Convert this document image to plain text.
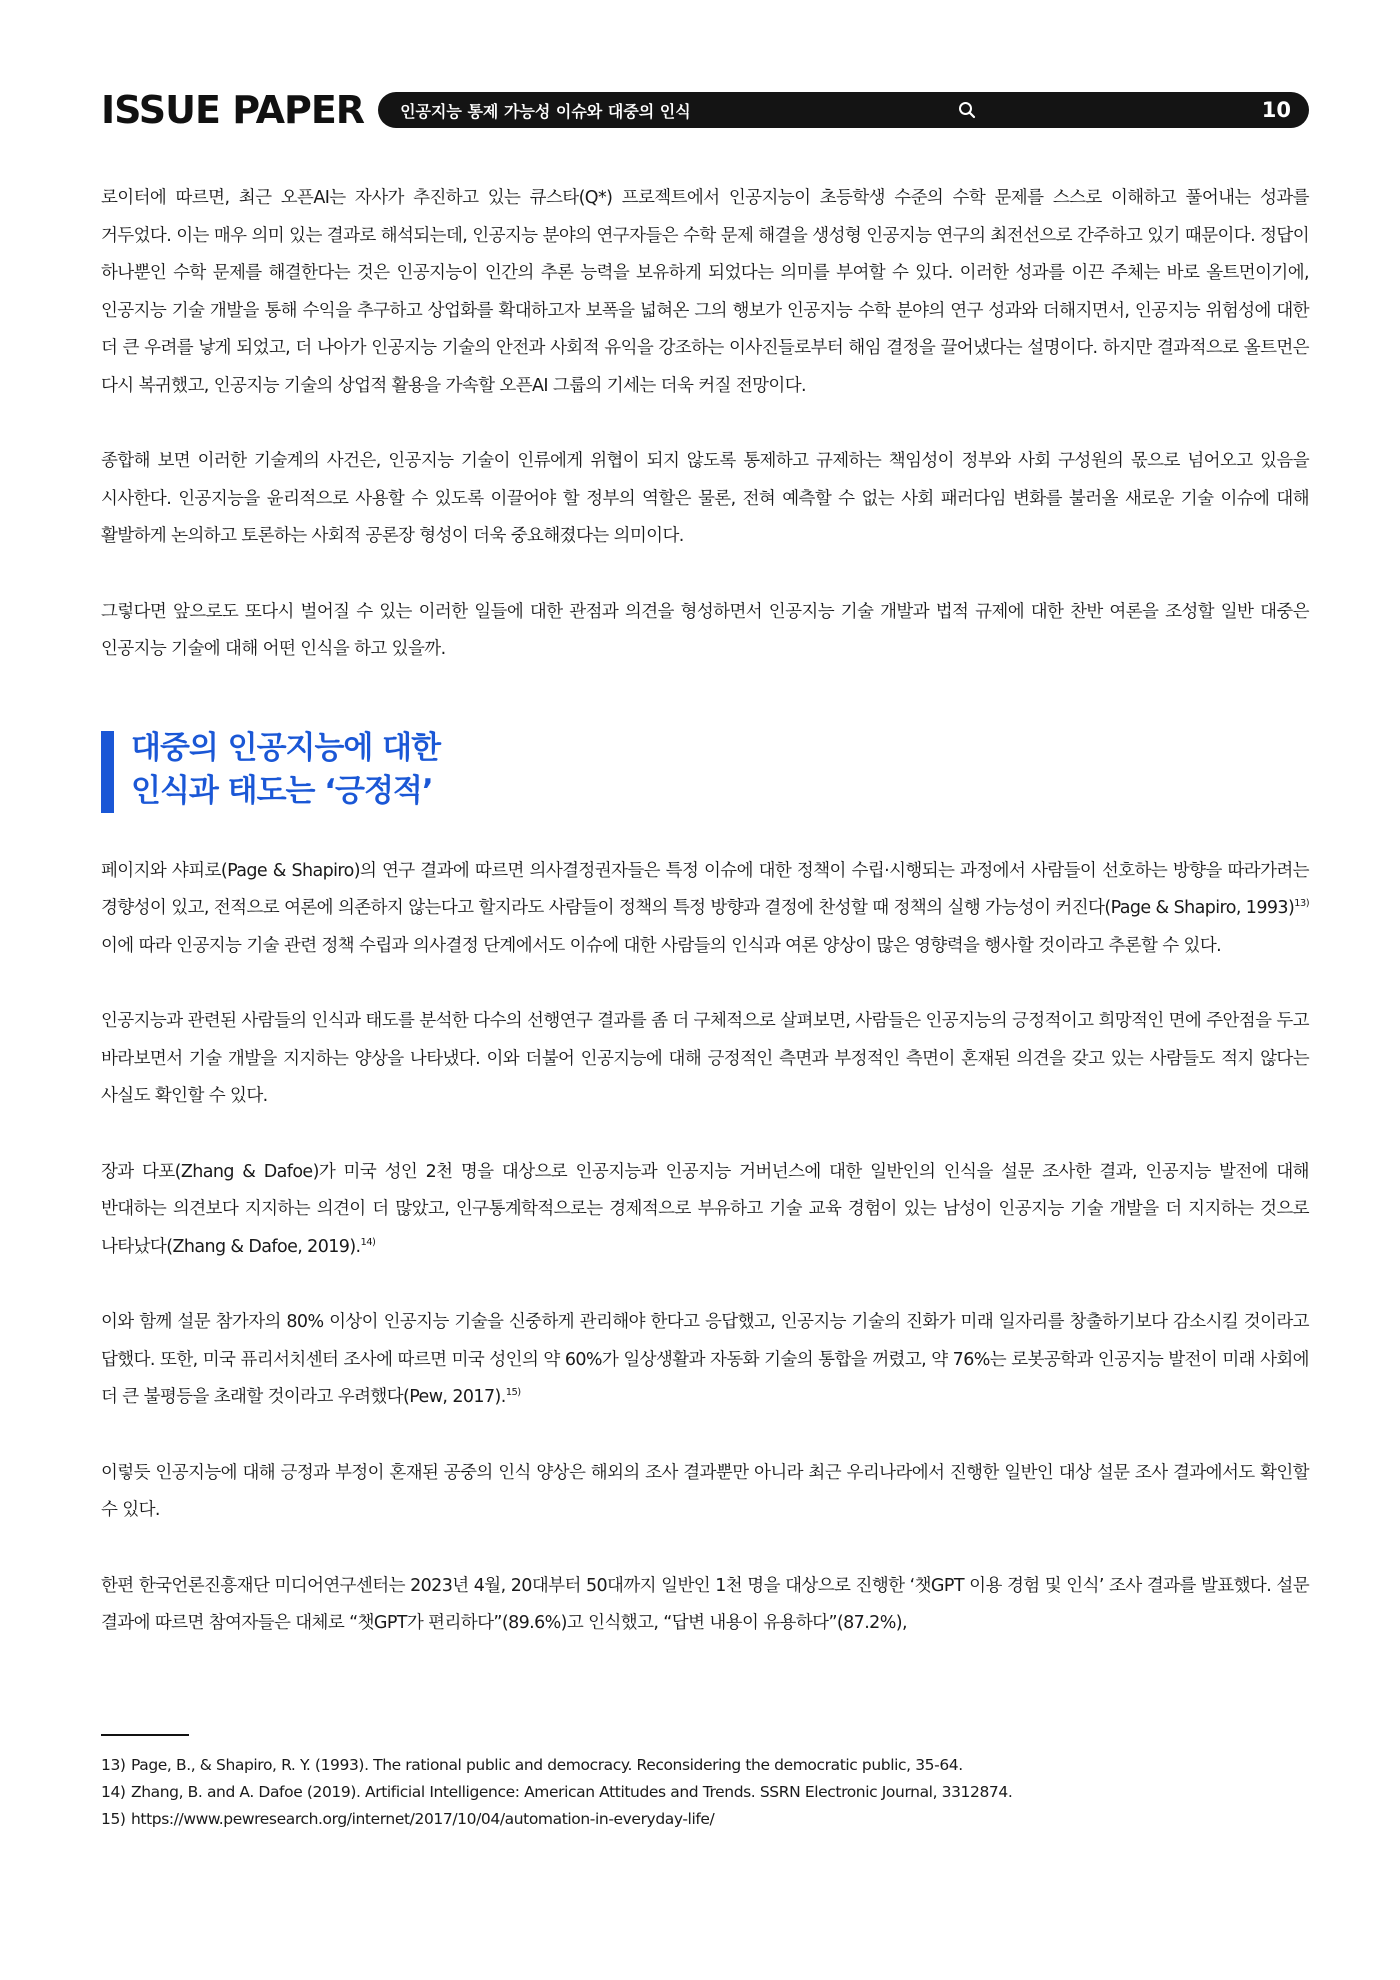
ISSUE PAPER 인공지능 통제 가능성 이슈와 대중의 인식	10

로이터에 따르면, 최근 오픈AI는 자사가 추진하고 있는 큐스타(Q*) 프로젝트에서 인공지능이 초등학생 수준의 수학 문제를 스스로 이해하고 풀어내는 성과를 거두었다. 이는 매우 의미 있는 결과로 해석되는데, 인공지능 분야의 연구자들은 수학 문제 해결을 생성형 인공지능 연구의 최전선으로 간주하고 있기 때문이다. 정답이 하나뿐인 수학 문제를 해결한다는 것은 인공지능이 인간의 추론 능력을 보유하게 되었다는 의미를 부여할 수 있다. 이러한 성과를 이끈 주체는 바로 올트먼이기에, 인공지능 기술 개발을 통해 수익을 추구하고 상업화를 확대하고자 보폭을 넓혀온 그의 행보가 인공지능 수학 분야의 연구 성과와 더해지면서, 인공지능 위험성에 대한 더 큰 우려를 낳게 되었고, 더 나아가 인공지능 기술의 안전과 사회적 유익을 강조하는 이사진들로부터 해임 결정을 끌어냈다는 설명이다. 하지만 결과적으로 올트먼은 다시 복귀했고, 인공지능 기술의 상업적 활용을 가속할 오픈AI 그룹의 기세는 더욱 커질 전망이다.

종합해 보면 이러한 기술계의 사건은, 인공지능 기술이 인류에게 위협이 되지 않도록 통제하고 규제하는 책임성이 정부와 사회 구성원의 몫으로 넘어오고 있음을 시사한다. 인공지능을 윤리적으로 사용할 수 있도록 이끌어야 할 정부의 역할은 물론, 전혀 예측할 수 없는 사회 패러다임 변화를 불러올 새로운 기술 이슈에 대해 활발하게 논의하고 토론하는 사회적 공론장 형성이 더욱 중요해졌다는 의미이다.

그렇다면 앞으로도 또다시 벌어질 수 있는 이러한 일들에 대한 관점과 의견을 형성하면서 인공지능 기술 개발과 법적 규제에 대한 찬반 여론을 조성할 일반 대중은 인공지능 기술에 대해 어떤 인식을 하고 있을까.

대중의 인공지능에 대한
인식과 태도는 ‘긍정적’

페이지와 샤피로(Page & Shapiro)의 연구 결과에 따르면 의사결정권자들은 특정 이슈에 대한 정책이 수립·시행되는 과정에서 사람들이 선호하는 방향을 따라가려는 경향성이 있고, 전적으로 여론에 의존하지 않는다고 할지라도 사람들이 정책의 특정 방향과 결정에 찬성할 때 정책의 실행 가능성이 커진다(Page & Shapiro, 1993)$^{13)}$ 이에 따라 인공지능 기술 관련 정책 수립과 의사결정 단계에서도 이슈에 대한 사람들의 인식과 여론 양상이 많은 영향력을 행사할 것이라고 추론할 수 있다.

인공지능과 관련된 사람들의 인식과 태도를 분석한 다수의 선행연구 결과를 좀 더 구체적으로 살펴보면, 사람들은 인공지능의 긍정적이고 희망적인 면에 주안점을 두고 바라보면서 기술 개발을 지지하는 양상을 나타냈다. 이와 더불어 인공지능에 대해 긍정적인 측면과 부정적인 측면이 혼재된 의견을 갖고 있는 사람들도 적지 않다는 사실도 확인할 수 있다.

장과 다포(Zhang & Dafoe)가 미국 성인 2천 명을 대상으로 인공지능과 인공지능 거버넌스에 대한 일반인의 인식을 설문 조사한 결과, 인공지능 발전에 대해 반대하는 의견보다 지지하는 의견이 더 많았고, 인구통계학적으로는 경제적으로 부유하고 기술 교육 경험이 있는 남성이 인공지능 기술 개발을 더 지지하는 것으로 나타났다(Zhang & Dafoe, 2019).$^{14)}$

이와 함께 설문 참가자의 80% 이상이 인공지능 기술을 신중하게 관리해야 한다고 응답했고, 인공지능 기술의 진화가 미래 일자리를 창출하기보다 감소시킬 것이라고 답했다. 또한, 미국 퓨리서치센터 조사에 따르면 미국 성인의 약 60%가 일상생활과 자동화 기술의 통합을 꺼렸고, 약 76%는 로봇공학과 인공지능 발전이 미래 사회에 더 큰 불평등을 초래할 것이라고 우려했다(Pew, 2017).$^{15)}$

이렇듯 인공지능에 대해 긍정과 부정이 혼재된 공중의 인식 양상은 해외의 조사 결과뿐만 아니라 최근 우리나라에서 진행한 일반인 대상 설문 조사 결과에서도 확인할 수 있다.

한편 한국언론진흥재단 미디어연구센터는 2023년 4월, 20대부터 50대까지 일반인 1천 명을 대상으로 진행한 ‘챗GPT 이용 경험 및 인식’ 조사 결과를 발표했다. 설문 결과에 따르면 참여자들은 대체로 “챗GPT가 편리하다”(89.6%)고 인식했고, “답변 내용이 유용하다”(87.2%),

13) Page, B., & Shapiro, R. Y. (1993). The rational public and democracy. Reconsidering the democratic public, 35-64.
14) Zhang, B. and A. Dafoe (2019). Artificial Intelligence: American Attitudes and Trends. SSRN Electronic Journal, 3312874.
15) https://www.pewresearch.org/internet/2017/10/04/automation-in-everyday-life/
